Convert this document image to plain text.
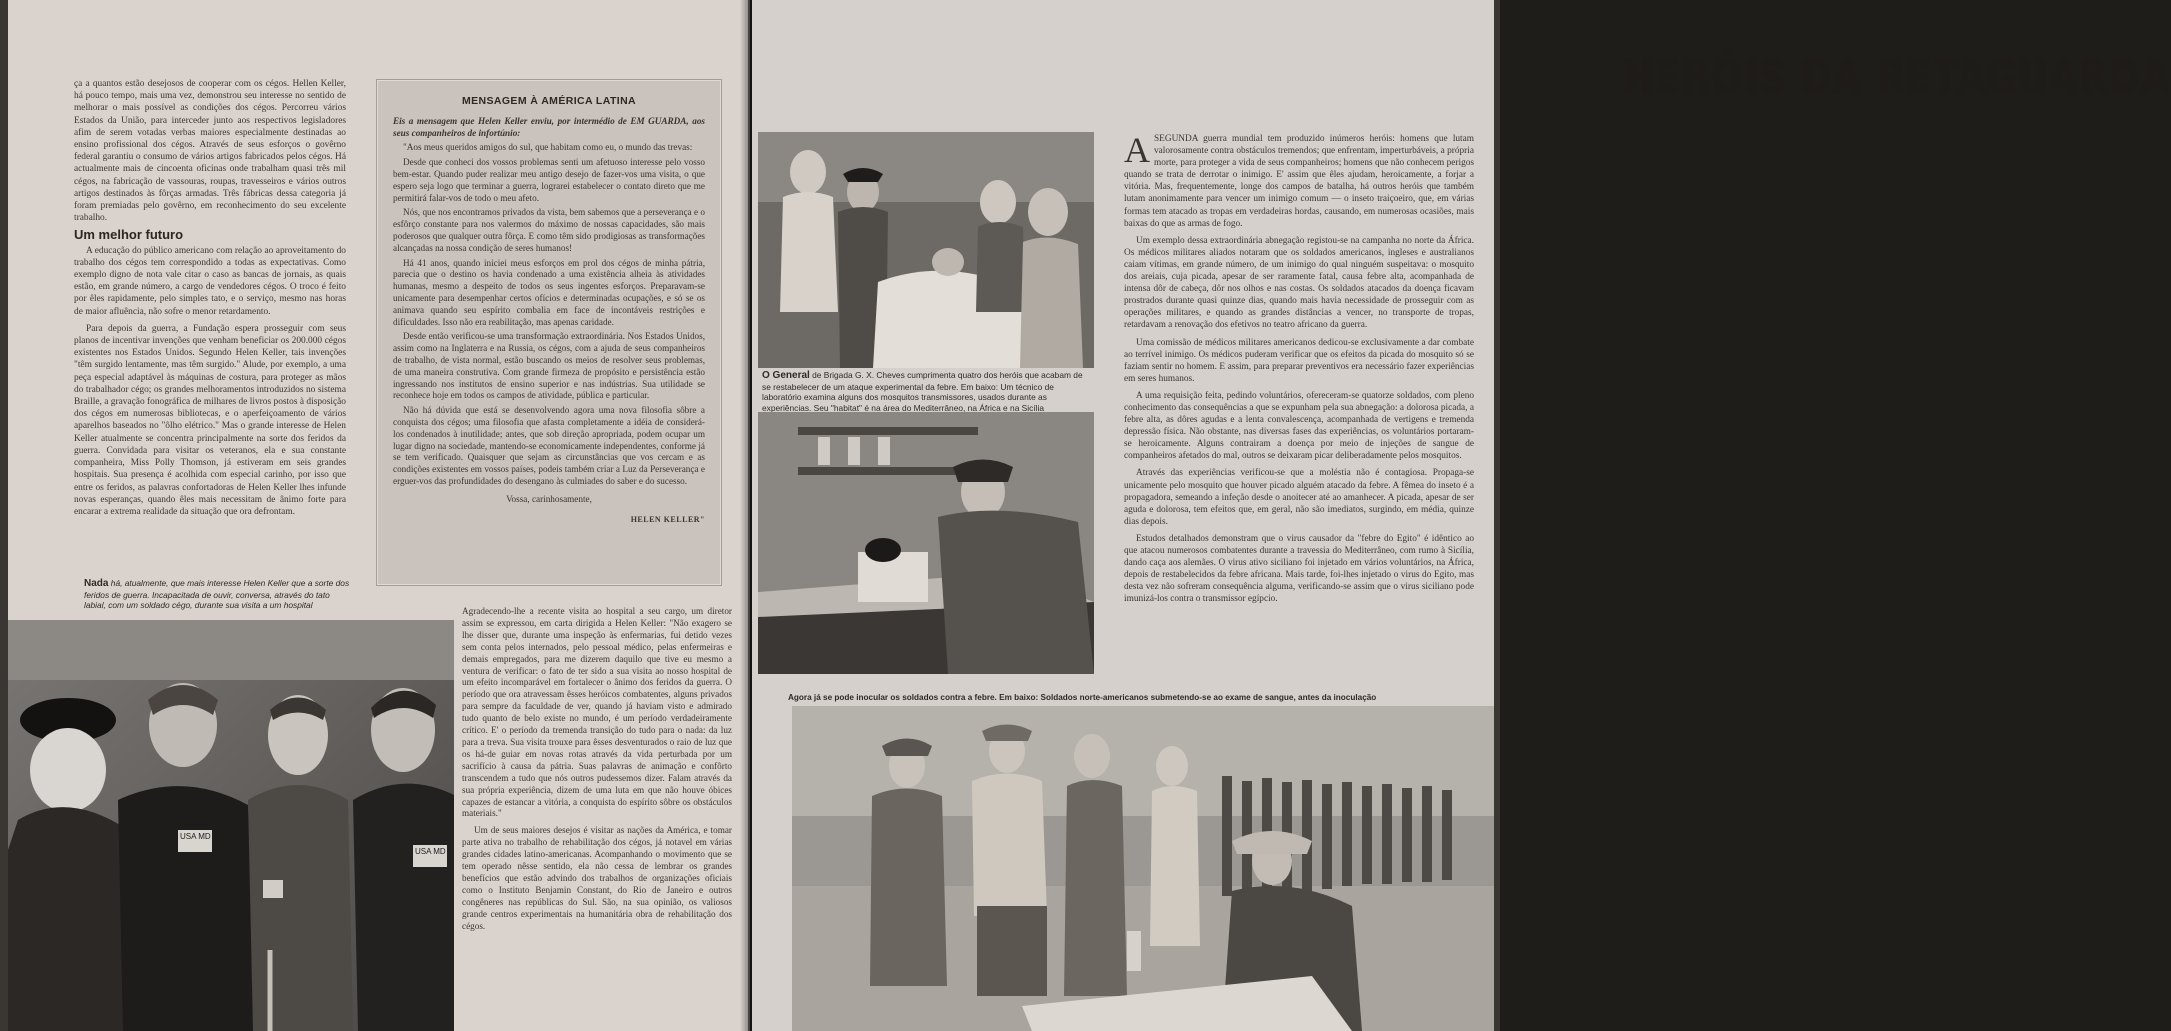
ça a quantos estão desejosos de cooperar com os cégos. Hellen Keller, há pouco tempo, mais uma vez, demonstrou seu interesse no sentido de melhorar o mais possível as condições dos cégos. Percorreu vários Estados da União, para interceder junto aos respectivos legisladores afim de serem votadas verbas maiores especialmente destinadas ao ensino profissional dos cégos. Através de seus esforços o govêrno federal garantiu o consumo de vários artigos fabricados pelos cégos. Há actualmente mais de cincoenta oficinas onde trabalham quasi três mil cégos, na fabricação de vassouras, roupas, travesseiros e vários outros artigos destinados às fôrças armadas. Três fábricas dessa categoria já foram premiadas pelo govêrno, em reconhecimento do seu excelente trabalho.

Um melhor futuro

A educação do público americano com relação ao aproveitamento do trabalho dos cégos tem correspondido a todas as expectativas. Como exemplo digno de nota vale citar o caso as bancas de jornais, as quais estão, em grande número, a cargo de vendedores cégos. O troco é feito por êles rapidamente, pelo simples tato, e o serviço, mesmo nas horas de maior afluência, não sofre o menor retardamento.

Para depois da guerra, a Fundação espera prosseguir com seus planos de incentivar invenções que venham beneficiar os 200.000 cégos existentes nos Estados Unidos. Segundo Helen Keller, tais invenções "têm surgido lentamente, mas têm surgido." Alude, por exemplo, a uma peça especial adaptável às máquinas de costura, para proteger as mãos do trabalhador cégo; os grandes melhoramentos introduzidos no sistema Braille, a gravação fonográfica de milhares de livros postos à disposição dos cégos em numerosas bibliotecas, e o aperfeiçoamento de vários aparelhos baseados no "ôlho elétrico." Mas o grande interesse de Helen Keller atualmente se concentra principalmente na sorte dos feridos da guerra. Convidada para visitar os veteranos, ela e sua constante companheira, Miss Polly Thomson, já estiveram em seis grandes hospitais. Sua presença é acolhida com especial carinho, por isso que entre os feridos, as palavras confortadoras de Helen Keller lhes infunde novas esperanças, quando êles mais necessitam de ânimo forte para encarar a extrema realidade da situação que ora defrontam.

MENSAGEM À AMÉRICA LATINA
Eis a mensagem que Helen Keller enviu, por intermédio de EM GUARDA, aos seus companheiros de infortúnio:

"Aos meus queridos amigos do sul, que habitam como eu, o mundo das trevas:

Desde que conheci dos vossos problemas senti um afetuoso interesse pelo vosso bem-estar. Quando puder realizar meu antigo desejo de fazer-vos uma visita, o que espero seja logo que terminar a guerra, lograrei estabelecer o contato direto que me permitirá falar-vos de todo o meu afeto.

Nós, que nos encontramos privados da vista, bem sabemos que a perseverança e o esfôrço constante para nos valermos do máximo de nossas capacidades, são mais poderosos que qualquer outra fôrça. E como têm sido prodigiosas as transformações alcançadas na nossa condição de seres humanos!

Há 41 anos, quando iniciei meus esforços em prol dos cégos de minha pátria, parecia que o destino os havia condenado a uma existência alheia às atividades humanas, mesmo a despeito de todos os seus ingentes esforços. Preparavam-se unicamente para desempenhar certos ofícios e determinadas ocupações, e só se os animava quando seu espírito combalia em face de incontáveis restrições e dificuldades. Isso não era reabilitação, mas apenas caridade.

Desde então verificou-se uma transformação extraordinária. Nos Estados Unidos, assim como na Inglaterra e na Russia, os cégos, com a ajuda de seus companheiros de trabalho, de vista normal, estão buscando os meios de resolver seus problemas, de uma maneira construtiva. Com grande firmeza de propósito e persistência estão ingressando nos institutos de ensino superior e nas indústrias. Sua utilidade se reconhece hoje em todos os campos de atividade, pública e particular.

Não há dúvida que está se desenvolvendo agora uma nova filosofia sôbre a conquista dos cégos; uma filosofia que afasta completamente a idéia de considerá-los condenados à inutilidade; antes, que sob direção apropriada, podem ocupar um lugar digno na sociedade, mantendo-se economicamente independentes, conforme já se tem verificado. Quaisquer que sejam as circunstâncias que vos cercam e as condições existentes em vossos países, podeis também criar a Luz da Perseverança e erguer-vos das profundidades do desengano às culmiades do saber e do sucesso.

Vossa, carinhosamente,
HELEN KELLER"
Nada há, atualmente, que mais interesse Helen Keller que a sorte dos feridos de guerra. Incapacitada de ouvir, conversa, através do tato labial, com um soldado cégo, durante sua visita a um hospital
USA MD
USA MD

Agradecendo-lhe a recente visita ao hospital a seu cargo, um diretor assim se expressou, em carta dirigida a Helen Keller: "Não exagero se lhe disser que, durante uma inspeção às enfermarias, fui detido vezes sem conta pelos internados, pelo pessoal médico, pelas enfermeiras e demais empregados, para me dizerem daquilo que tive eu mesmo a ventura de verificar: o fato de ter sido a sua visita ao nosso hospital de um efeito incomparável em fortalecer o ânimo dos feridos da guerra. O período que ora atravessam êsses heróicos combatentes, alguns privados para sempre da faculdade de ver, quando já haviam visto e admirado tudo quanto de belo existe no mundo, é um período verdadeiramente crítico. E' o período da tremenda transição do tudo para o nada: da luz para a treva. Sua visita trouxe para êsses desventurados o raio de luz que os há-de guiar em novas rotas através da vida perturbada por um sacrifício à causa da pátria. Suas palavras de animação e confôrto transcendem a tudo que nós outros pudessemos dizer. Falam através da sua própria experiência, dizem de uma luta em que não houve óbices capazes de estancar a vitória, a conquista do espírito sôbre os obstáculos materiais."

Um de seus maiores desejos é visitar as nações da América, e tomar parte ativa no trabalho de rehabilitação dos cégos, já notavel em várias grandes cidades latino-americanas. Acompanhando o movimento que se tem operado nêsse sentido, ela não cessa de lembrar os grandes benefícios que estão advindo dos trabalhos de organizações oficiais como o Instituto Benjamin Constant, do Rio de Janeiro e outros congêneres nas repúblicas do Sul. São, na sua opinião, os valiosos grande centros experimentais na humanitária obra de rehabilitação dos cégos.

O General de Brigada G. X. Cheves cumprimenta quatro dos heróis que acabam de se restabelecer de um ataque experimental da febre. Em baixo: Um técnico de laboratório examina alguns dos mosquitos transmissores, usados durante as experiências. Seu "habitat" é na área do Mediterrâneo, na África e na Sicília
HERÓIS DA RETAGUARDA

ASEGUNDA guerra mundial tem produzido inúmeros heróis: homens que lutam valorosamente contra obstáculos tremendos; que enfrentam, imperturbáveis, a própria morte, para proteger a vida de seus companheiros; homens que não conhecem perigos quando se trata de derrotar o inimigo. E' assim que êles ajudam, heroicamente, a forjar a vitória. Mas, frequentemente, longe dos campos de batalha, há outros heróis que também lutam anonimamente para vencer um inimigo comum — o inseto traiçoeiro, que, em várias formas tem atacado as tropas em verdadeiras hordas, causando, em numerosas ocasiões, mais baixas do que as armas de fogo.

Um exemplo dessa extraordinária abnegação registou-se na campanha no norte da África. Os médicos militares aliados notaram que os soldados americanos, ingleses e australianos caiam vítimas, em grande número, de um inimigo do qual ninguém suspeitava: o mosquito dos areiais, cuja picada, apesar de ser raramente fatal, causa febre alta, acompanhada de intensa dôr de cabeça, dôr nos olhos e nas costas. Os soldados atacados da doença ficavam prostrados durante quasi quinze dias, quando mais havia necessidade de prosseguir com as operações militares, e quando as grandes distâncias a vencer, no transporte de tropas, retardavam a renovação dos efetivos no teatro africano da guerra.

Uma comissão de médicos militares americanos dedicou-se exclusivamente a dar combate ao terrível inimigo. Os médicos puderam verificar que os efeitos da picada do mosquito só se faziam sentir no homem. E assim, para preparar preventivos era necessário fazer experiências em seres humanos.

A uma requisição feita, pedindo voluntários, ofereceram-se quatorze soldados, com pleno conhecimento das consequências a que se expunham pela sua abnegação: a dolorosa picada, a febre alta, as dôres agudas e a lenta convalescença, acompanhada de vertigens e tremenda depressão física. Não obstante, nas diversas fases das experiências, os voluntários portaram-se heroicamente. Alguns contrairam a doença por meio de injeções de sangue de companheiros afetados do mal, outros se deixaram picar deliberadamente pelos mosquitos.

Através das experiências verificou-se que a moléstia não é contagiosa. Propaga-se unicamente pelo mosquito que houver picado alguém atacado da febre. A fêmea do inseto é a propagadora, semeando a infeção desde o anoitecer até ao amanhecer. A picada, apesar de ser aguda e dolorosa, tem efeitos que, em geral, não são imediatos, surgindo, em média, quinze dias depois.

Estudos detalhados demonstram que o virus causador da "febre do Egito" é idêntico ao que atacou numerosos combatentes durante a travessia do Mediterrâneo, com rumo à Sicília, dando caça aos alemães. O virus ativo siciliano foi injetado em vários voluntários, na África, depois de restabelecidos da febre africana. Mais tarde, foi-lhes injetado o virus do Egito, mas desta vez não sofreram consequência alguma, verificando-se assim que o virus siciliano pode imunizá-los contra o transmissor egípcio.

Agora já se pode inocular os soldados contra a febre. Em baixo: Soldados norte-americanos submetendo-se ao exame de sangue, antes da inoculação
